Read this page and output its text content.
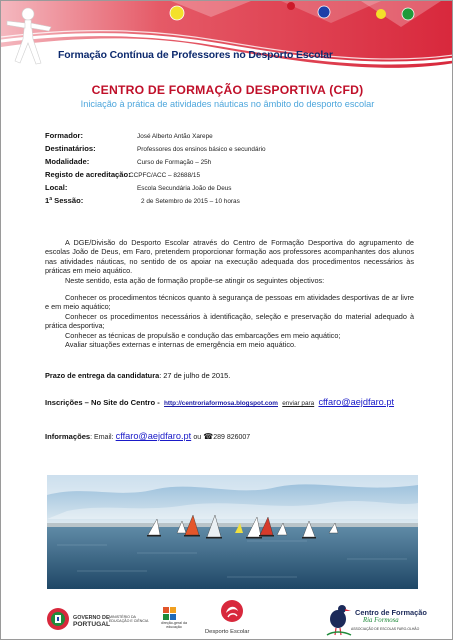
Formação Contínua de Professores no Desporto Escolar
CENTRO DE FORMAÇÃO DESPORTIVA (CFD)
Iniciação à prática de atividades náuticas no âmbito do desporto escolar
Formador:	José Alberto Antão Xarepe
Destinatários:	Professores dos ensinos básico e secundário
Modalidade:	Curso de Formação – 25h
Registo de acreditação:
CCPFC/ACC – 82688/15
Local:	Escola Secundária João de Deus
1ª Sessão:	2 de Setembro de 2015 – 10 horas

A DGE/Divisão do Desporto Escolar através do Centro de Formação Desportiva do agrupamento de escolas João de Deus, em Faro, pretendem proporcionar formação aos professores acompanhantes dos alunos nas atividades náuticas, no sentido de os apoiar na execução adequada dos procedimentos necessários às práticas em meio aquático.

Neste sentido, esta ação de formação propõe-se atingir os seguintes objectivos:

Conhecer os procedimentos técnicos quanto à segurança de pessoas em atividades desportivas de ar livre e em meio aquático;

Conhecer os procedimentos necessários à identificação, seleção e preservação do material adequado à prática desportiva;

Conhecer as técnicas de propulsão e condução das embarcações em meio aquático;

Avaliar situações externas e internas de emergência em meio aquático.

Prazo de entrega da candidatura: 27 de julho de 2015.
Inscrições – No Site do Centro - http://centroriaformosa.blogspot.com enviar para cffaro@aejdfaro.pt
Informações: Email: cffaro@aejdfaro.pt ou ☎289 826007
GOVERNO DE
PORTUGAL
MINISTÉRIO DA EDUCAÇÃO E CIÊNCIA	direção-geral da educação
Desporto Escolar
Centro de Formação
Ria Formosa
ASSOCIAÇÃO DE ESCOLAS FARO-OLHÃO
